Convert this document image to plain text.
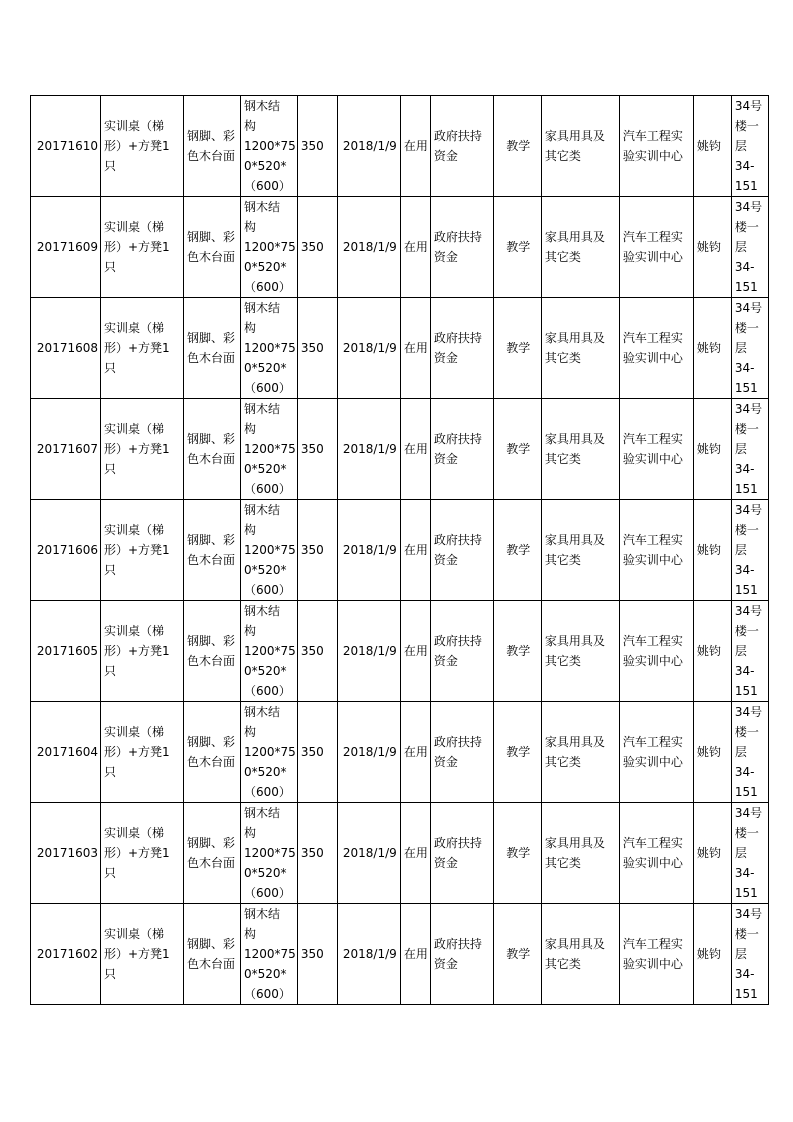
20171610	实训桌（梯
形）+方凳1
只	钢脚、彩
色木台面	钢木结
构
1200*75
0*520*
（600）	350	2018/1/9	在用	政府扶持
资金	教学	家具用具及
其它类	汽车工程实
验实训中心	姚钧	34号
楼一
层
34-
151

20171609	实训桌（梯
形）+方凳1
只	钢脚、彩
色木台面	钢木结
构
1200*75
0*520*
（600）	350	2018/1/9	在用	政府扶持
资金	教学	家具用具及
其它类	汽车工程实
验实训中心	姚钧	34号
楼一
层
34-
151

20171608	实训桌（梯
形）+方凳1
只	钢脚、彩
色木台面	钢木结
构
1200*75
0*520*
（600）	350	2018/1/9	在用	政府扶持
资金	教学	家具用具及
其它类	汽车工程实
验实训中心	姚钧	34号
楼一
层
34-
151

20171607	实训桌（梯
形）+方凳1
只	钢脚、彩
色木台面	钢木结
构
1200*75
0*520*
（600）	350	2018/1/9	在用	政府扶持
资金	教学	家具用具及
其它类	汽车工程实
验实训中心	姚钧	34号
楼一
层
34-
151

20171606	实训桌（梯
形）+方凳1
只	钢脚、彩
色木台面	钢木结
构
1200*75
0*520*
（600）	350	2018/1/9	在用	政府扶持
资金	教学	家具用具及
其它类	汽车工程实
验实训中心	姚钧	34号
楼一
层
34-
151

20171605	实训桌（梯
形）+方凳1
只	钢脚、彩
色木台面	钢木结
构
1200*75
0*520*
（600）	350	2018/1/9	在用	政府扶持
资金	教学	家具用具及
其它类	汽车工程实
验实训中心	姚钧	34号
楼一
层
34-
151

20171604	实训桌（梯
形）+方凳1
只	钢脚、彩
色木台面	钢木结
构
1200*75
0*520*
（600）	350	2018/1/9	在用	政府扶持
资金	教学	家具用具及
其它类	汽车工程实
验实训中心	姚钧	34号
楼一
层
34-
151

20171603	实训桌（梯
形）+方凳1
只	钢脚、彩
色木台面	钢木结
构
1200*75
0*520*
（600）	350	2018/1/9	在用	政府扶持
资金	教学	家具用具及
其它类	汽车工程实
验实训中心	姚钧	34号
楼一
层
34-
151

20171602	实训桌（梯
形）+方凳1
只	钢脚、彩
色木台面	钢木结
构
1200*75
0*520*
（600）	350	2018/1/9	在用	政府扶持
资金	教学	家具用具及
其它类	汽车工程实
验实训中心	姚钧	34号
楼一
层
34-
151
